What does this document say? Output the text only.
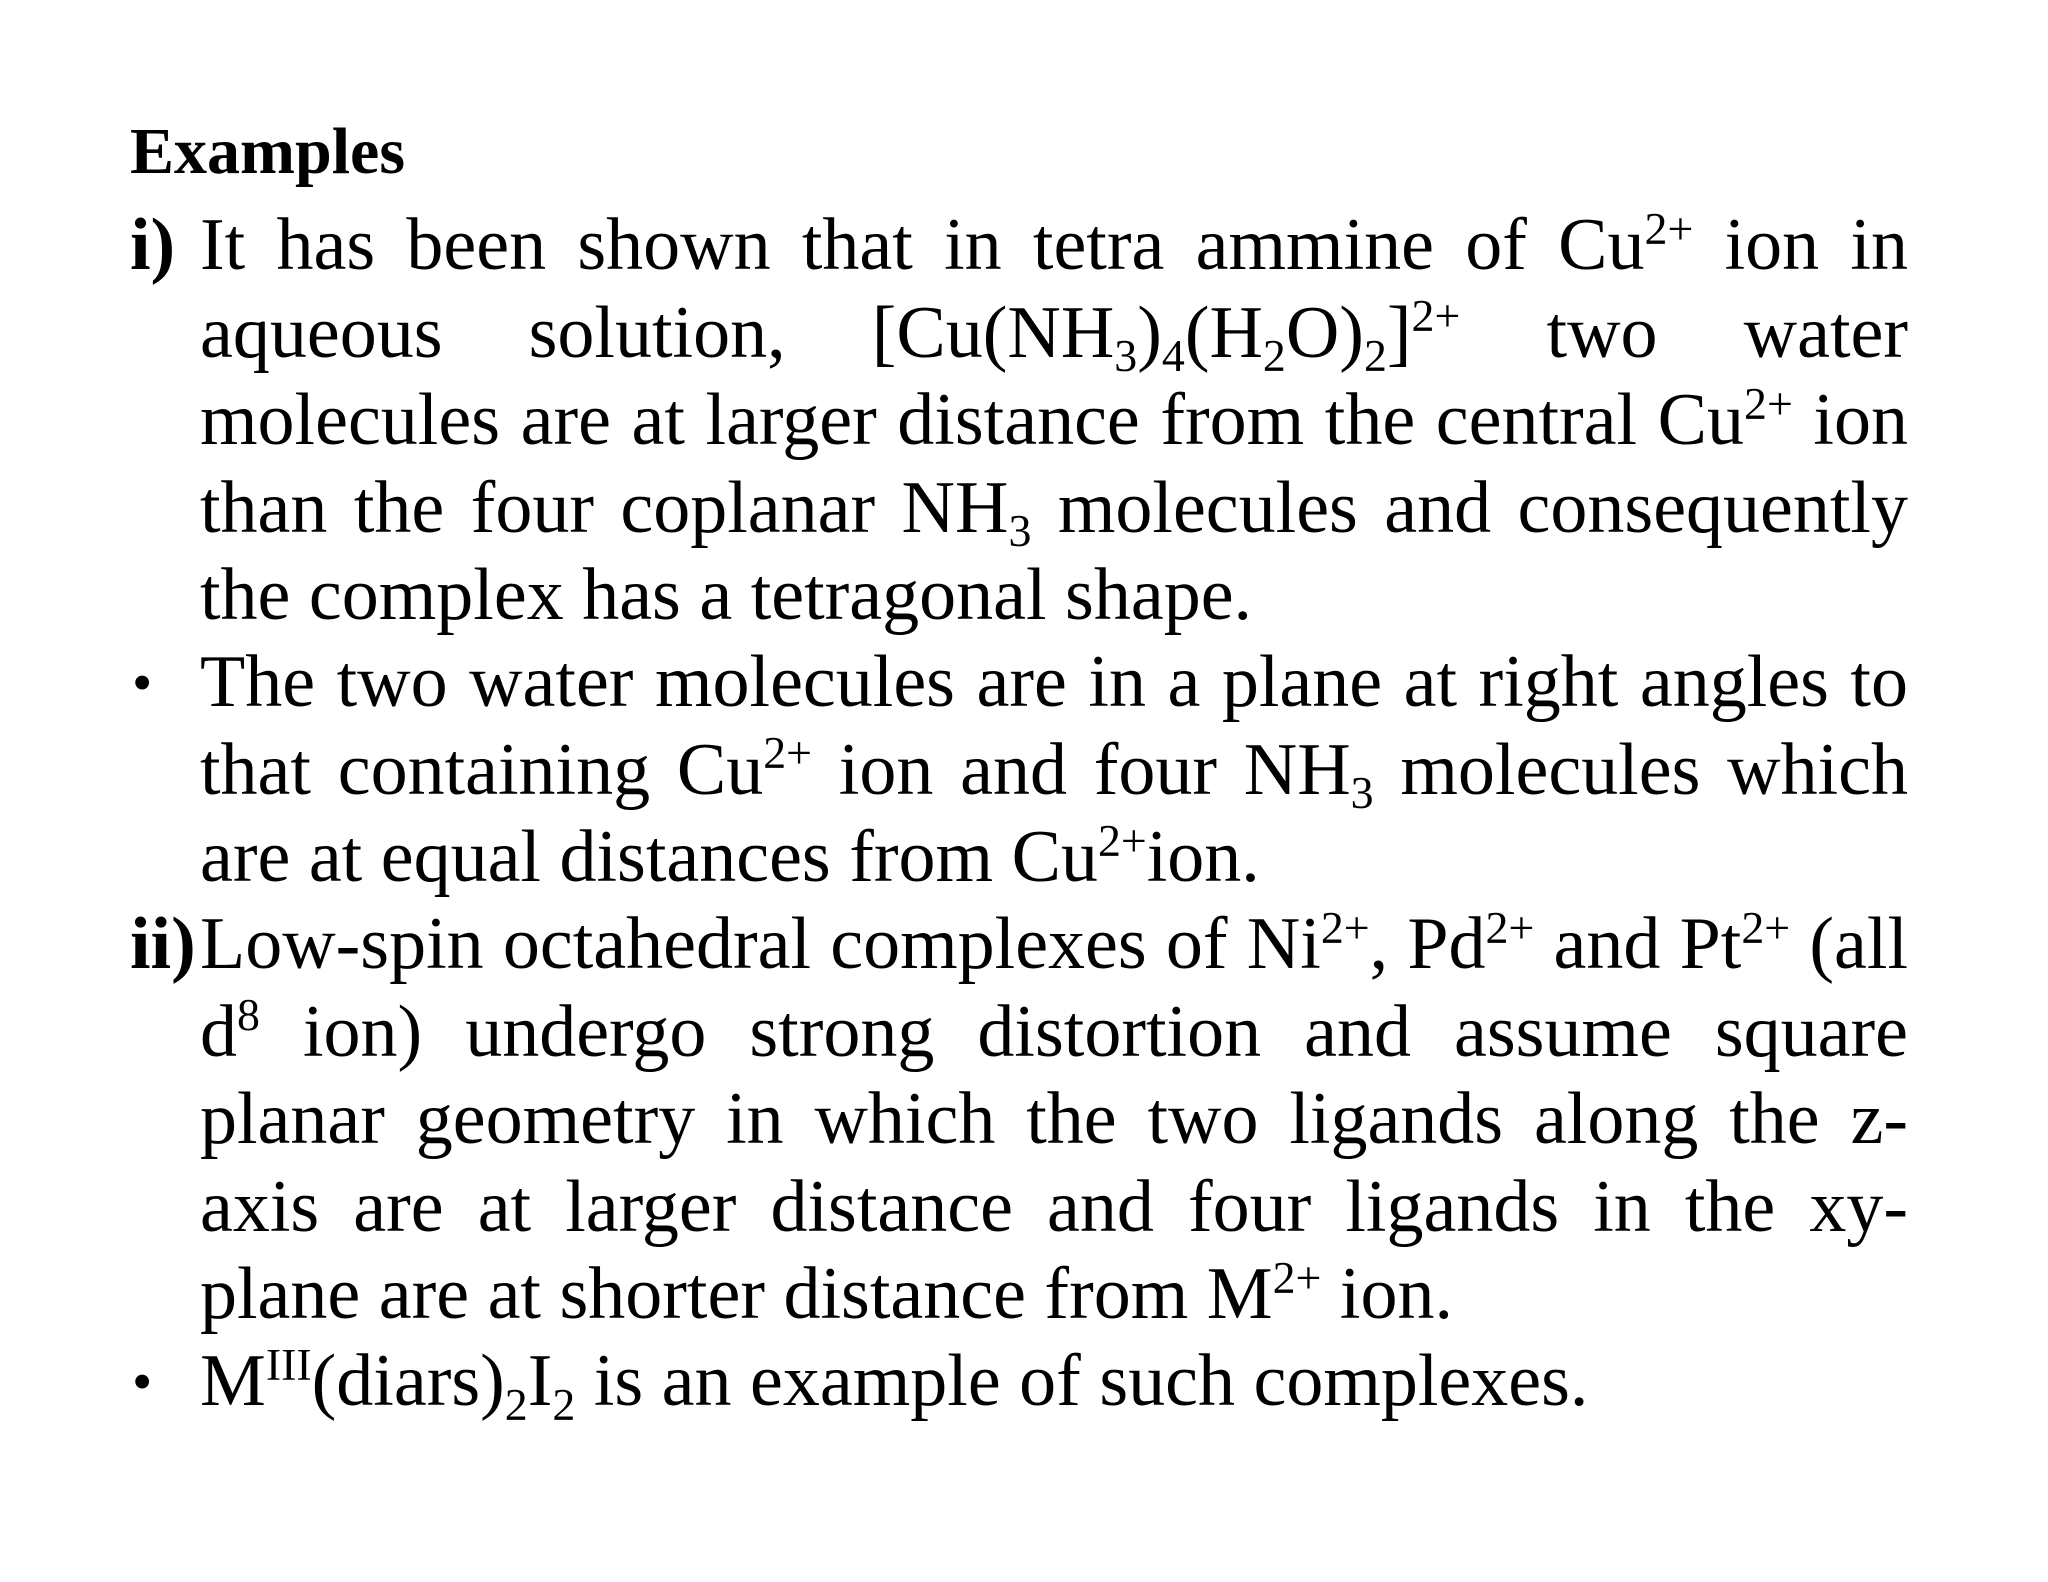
Examples

i) It has been shown that in tetra ammine of $Cu^{2+}$ ion in aqueous solution, $[Cu(NH_3)_4(H_2O)_2]^{2+}$ two water molecules are at larger distance from the central $Cu^{2+}$ ion than the four coplanar $NH_3$ molecules and consequently the complex has a tetragonal shape.

• The two water molecules are in a plane at right angles to that containing $Cu^{2+}$ ion and four $NH_3$ molecules which are at equal distances from $Cu^{2+}ion$.

ii) Low-spin octahedral complexes of $Ni^{2+}$, $Pd^{2+}$ and $Pt^{2+}$ (all $d^8$ ion) undergo strong distortion and assume square planar geometry in which the two ligands along the z-axis are at larger distance and four ligands in the xy-plane are at shorter distance from $M^{2+}$ ion.

• $M^{III}(diars)_2I_2$ is an example of such complexes.
